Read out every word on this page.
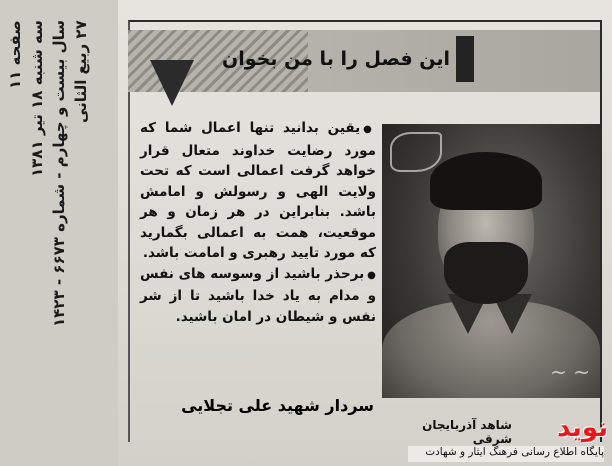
صفحه ۱۱
سه شنبه ۱۸ تیر ۱۳۸۱
سال بیست و چهارم - شماره ۶۶۷۳ - ۱۴۲۳ ۲۷ ربیع الثانی
این فصل را با من بخوان

●یقین بدانید تنها اعمال شما که مورد رضایت خداوند متعال قرار خواهد گرفت اعمالی است که تحت ولایت الهی و رسولش و امامش باشد. بنابراین در هر زمان و هر موقعیت، همت به اعمالی بگمارید که مورد تایید رهبری و امامت باشد.

●برحذر باشید از وسوسه های نفس و مدام به یاد خدا باشید تا از شر نفس و شیطان در امان باشید.

سردار شهید علی تجلایی
~ ~
نوید
شاهد آذربایجان شرقی
پایگاه اطلاع رسانی فرهنگ ایثار و شهادت
